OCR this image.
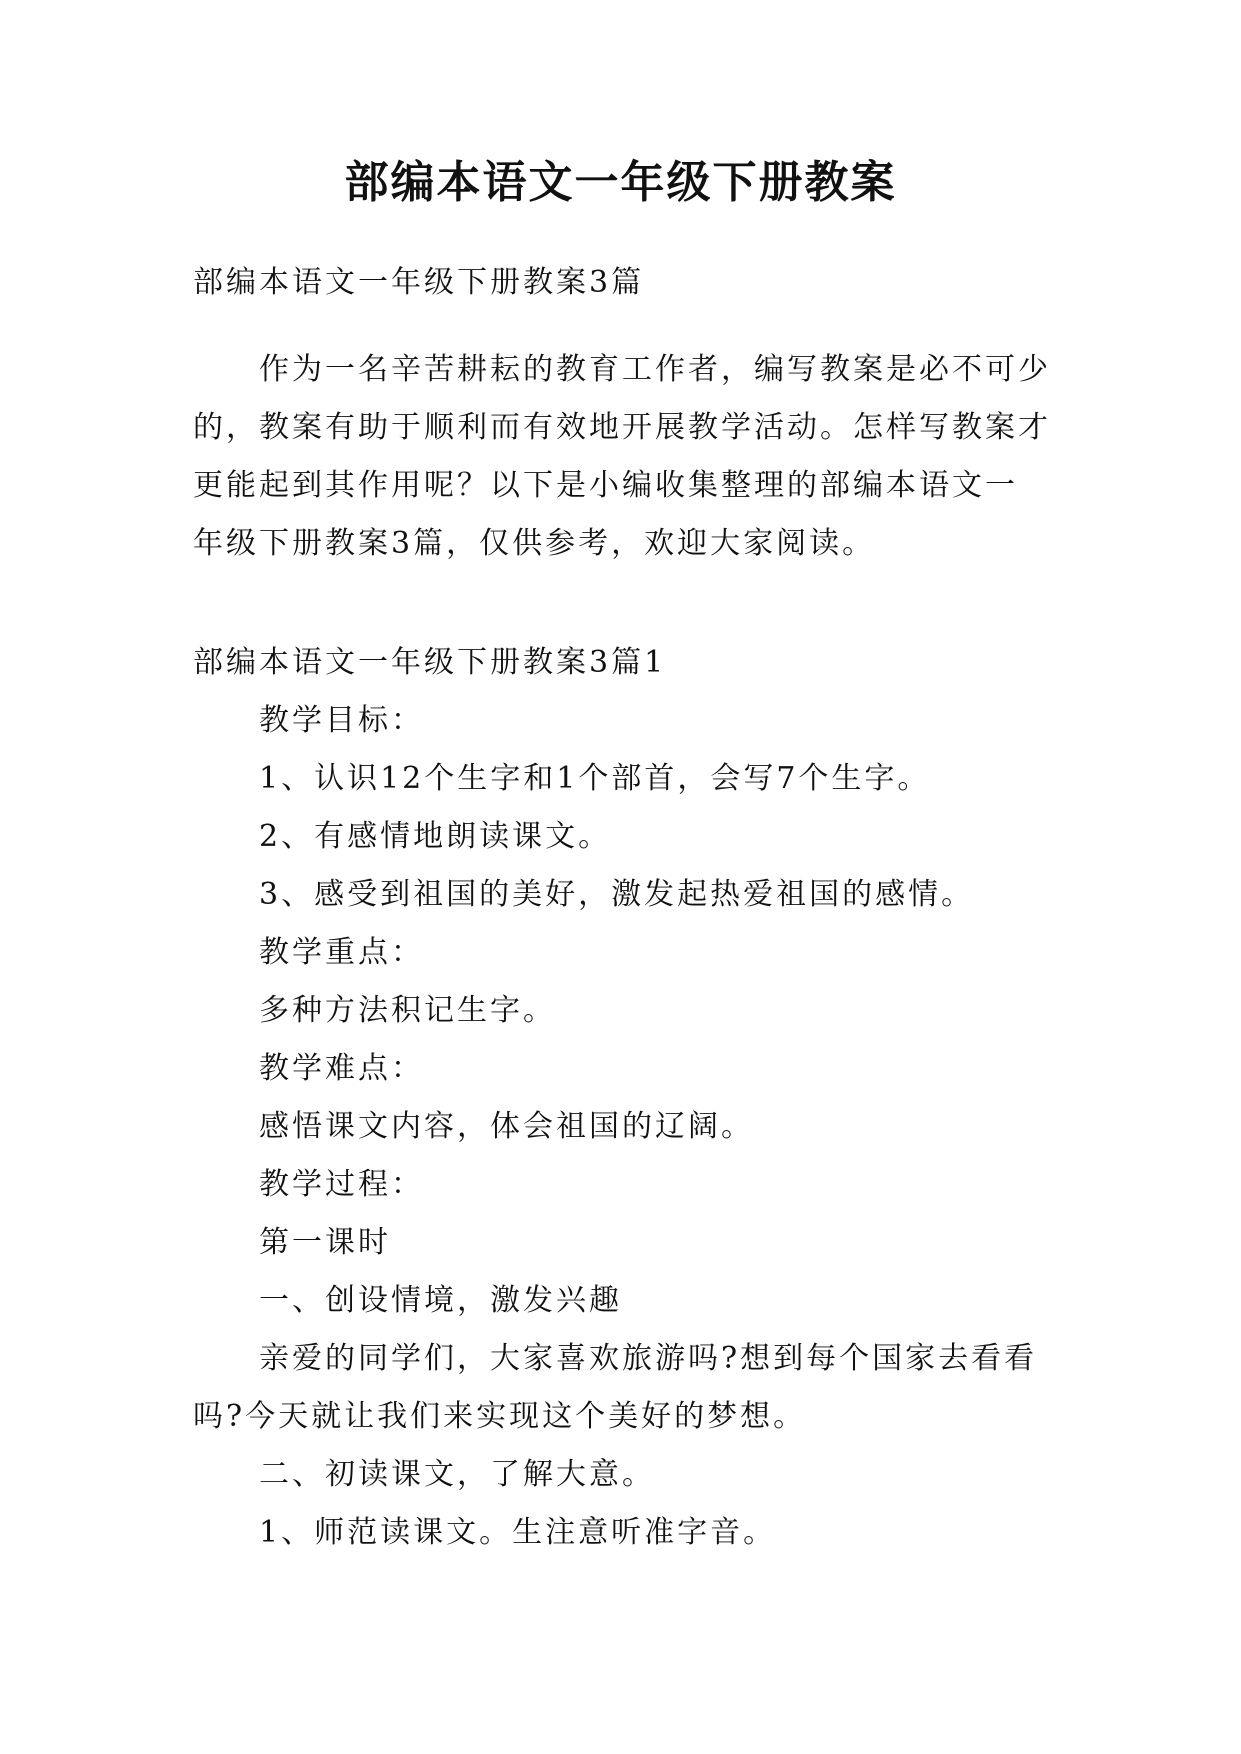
部编本语文一年级下册教案
部编本语文一年级下册教案3篇
作为一名辛苦耕耘的教育工作者，编写教案是必不可少
的，教案有助于顺利而有效地开展教学活动。怎样写教案才
更能起到其作用呢？以下是小编收集整理的部编本语文一
年级下册教案3篇，仅供参考，欢迎大家阅读。
部编本语文一年级下册教案3篇1
教学目标：
1、认识12个生字和1个部首，会写7个生字。
2、有感情地朗读课文。
3、感受到祖国的美好，激发起热爱祖国的感情。
教学重点：
多种方法积记生字。
教学难点：
感悟课文内容，体会祖国的辽阔。
教学过程：
第一课时
一、创设情境，激发兴趣
亲爱的同学们，大家喜欢旅游吗?想到每个国家去看看
吗?今天就让我们来实现这个美好的梦想。
二、初读课文，了解大意。
1、师范读课文。生注意听准字音。
